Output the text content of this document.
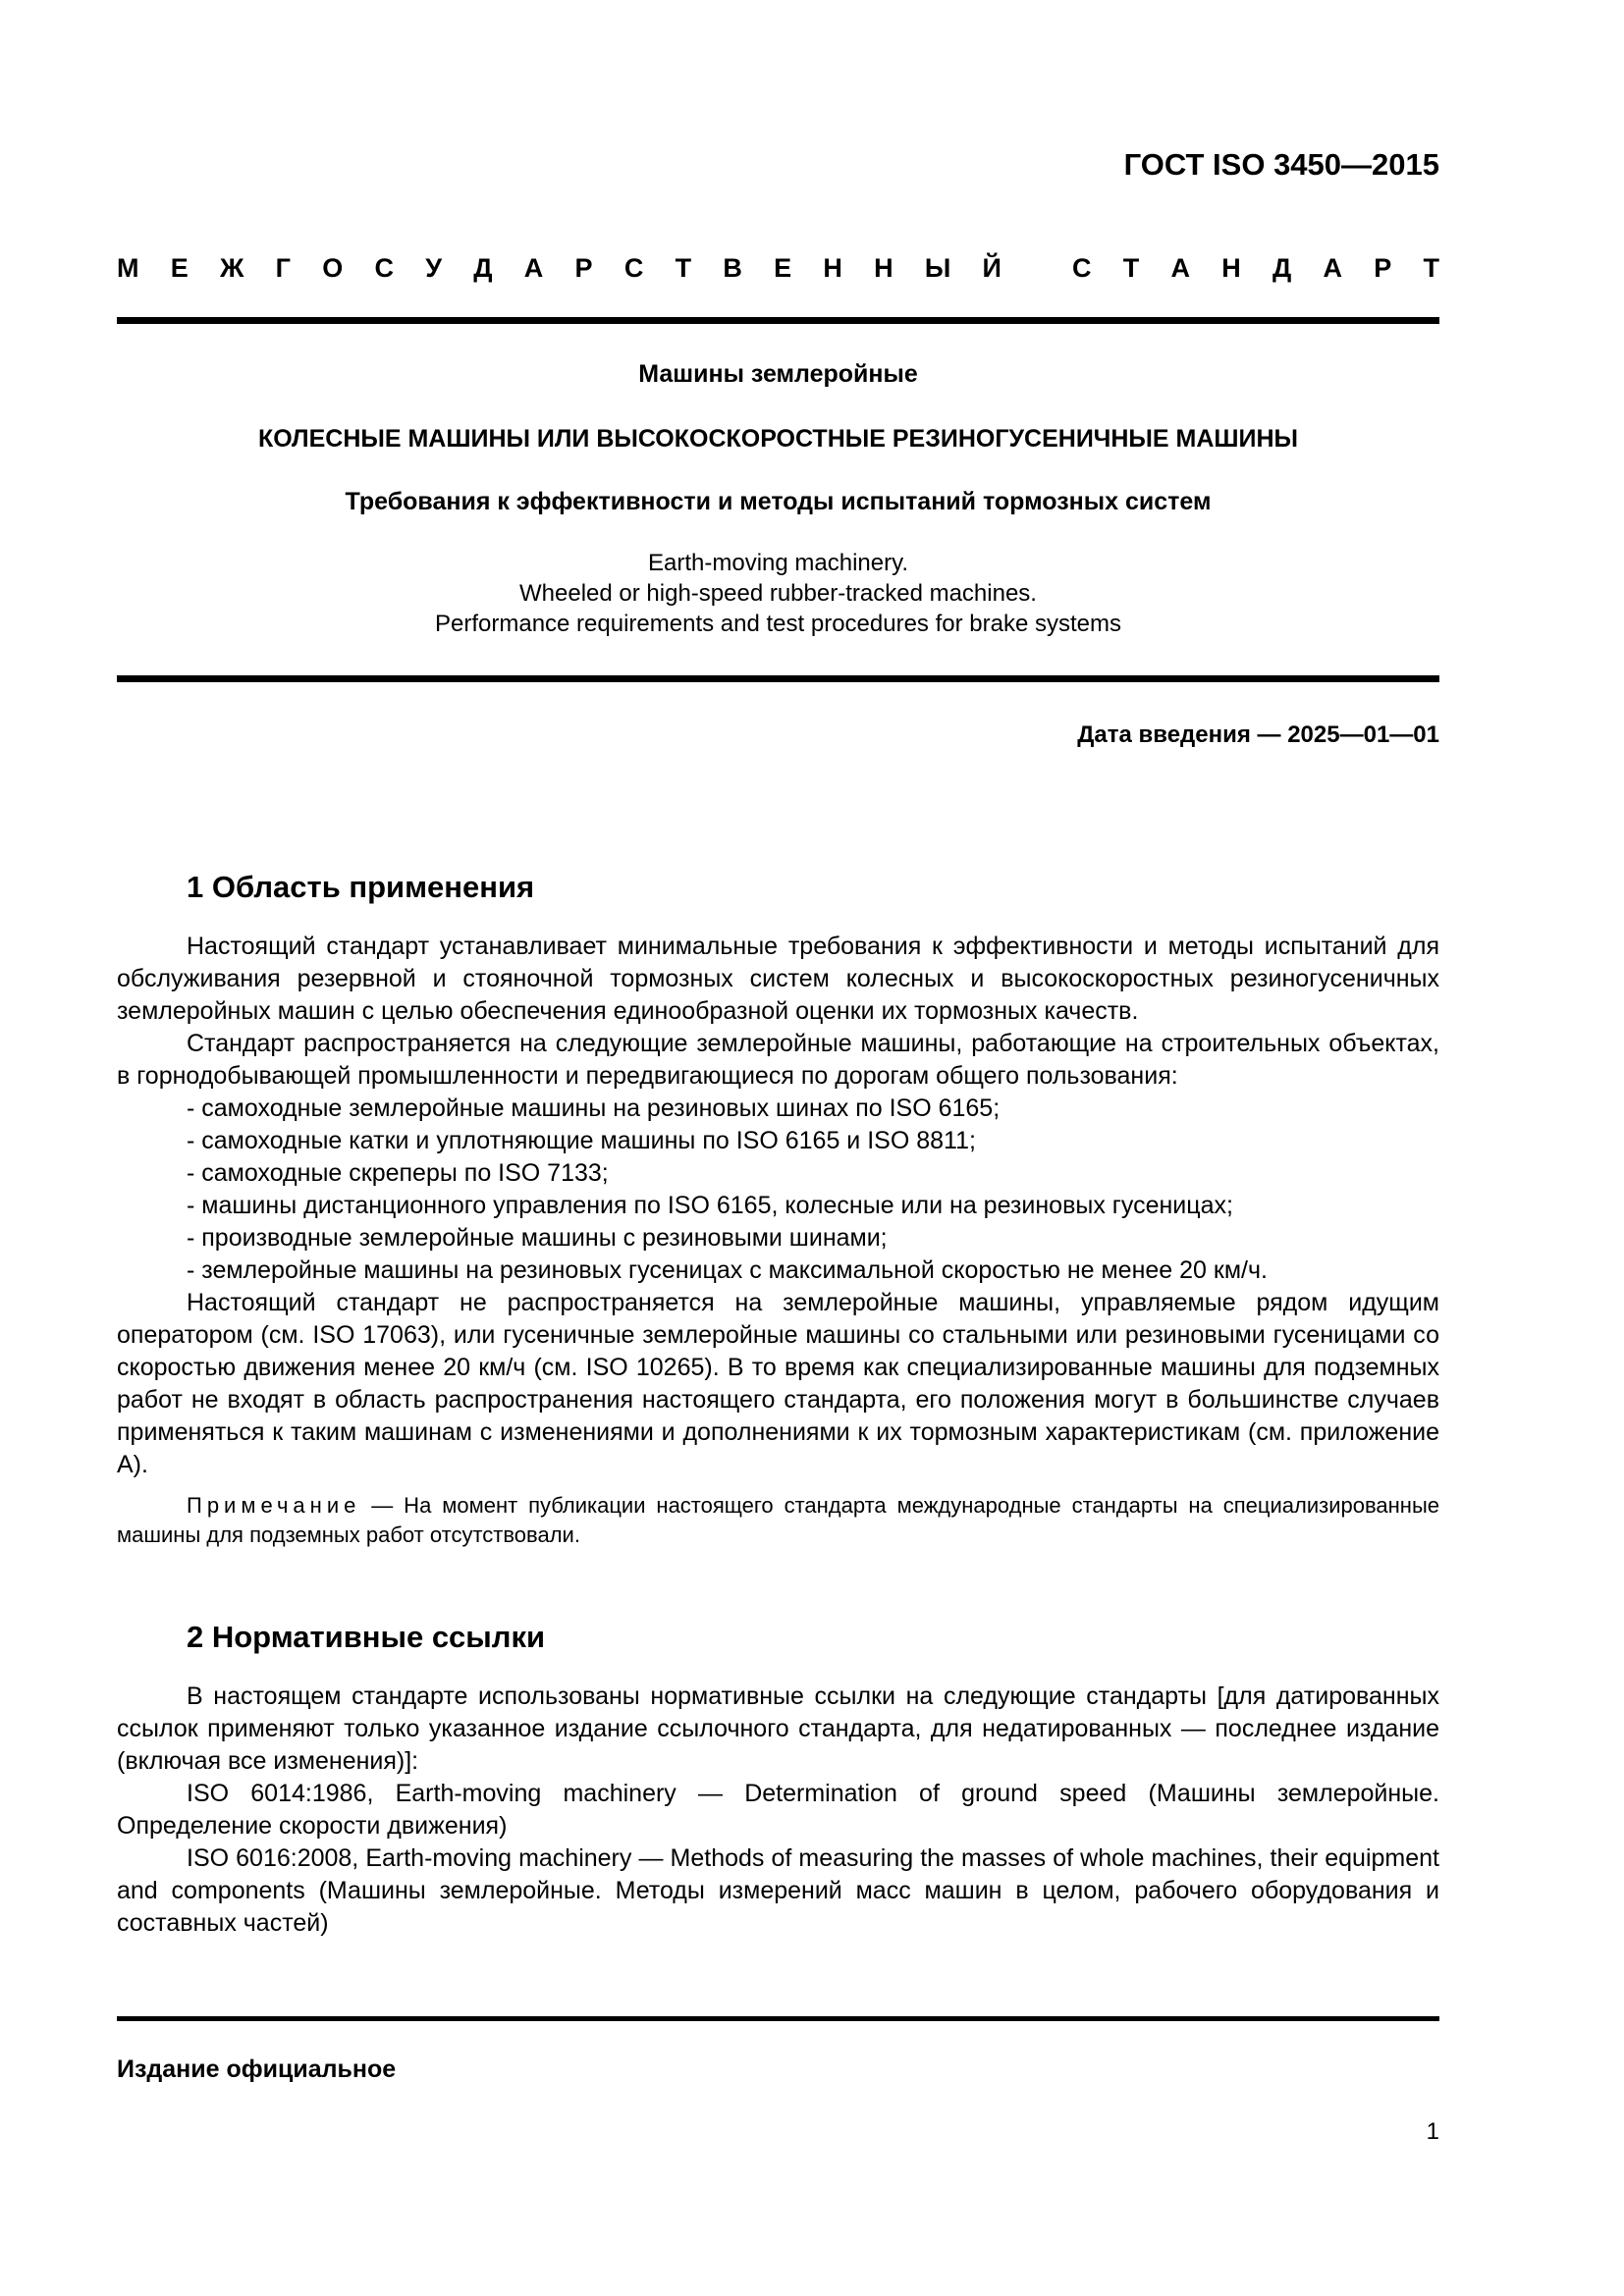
ГОСТ ISO 3450—2015
М Е Ж Г О С У Д А Р С Т В Е Н Н Ы Й
	С Т А Н Д А Р Т
Машины землеройные
КОЛЕСНЫЕ МАШИНЫ ИЛИ ВЫСОКОСКОРОСТНЫЕ РЕЗИНОГУСЕНИЧНЫЕ МАШИНЫ
Требования к эффективности и методы испытаний тормозных систем
Earth-moving machinery.
Wheeled or high-speed rubber-tracked machines.
Performance requirements and test procedures for brake systems
Дата введения — 2025—01—01
1 Область применения

Настоящий стандарт устанавливает минимальные требования к эффективности и методы испытаний для обслуживания резервной и стояночной тормозных систем колесных и высокоскоростных резиногусеничных землеройных машин с целью обеспечения единообразной оценки их тормозных качеств.

Стандарт распространяется на следующие землеройные машины, работающие на строительных объектах, в горнодобывающей промышленности и передвигающиеся по дорогам общего пользования:

- самоходные землеройные машины на резиновых шинах по ISO 6165;

- самоходные катки и уплотняющие машины по ISO 6165 и ISO 8811;

- самоходные скреперы по ISO 7133;

- машины дистанционного управления по ISO 6165, колесные или на резиновых гусеницах;

- производные землеройные машины с резиновыми шинами;

- землеройные машины на резиновых гусеницах с максимальной скоростью не менее 20 км/ч.

Настоящий стандарт не распространяется на землеройные машины, управляемые рядом идущим оператором (см. ISO 17063), или гусеничные землеройные машины со стальными или резиновыми гусеницами со скоростью движения менее 20 км/ч (см. ISO 10265). В то время как специализированные машины для подземных работ не входят в область распространения настоящего стандарта, его положения могут в большинстве случаев применяться к таким машинам с изменениями и дополнениями к их тормозным характеристикам (см. приложение А).

Примечание — На момент публикации настоящего стандарта международные стандарты на специализированные машины для подземных работ отсутствовали.

2 Нормативные ссылки

В настоящем стандарте использованы нормативные ссылки на следующие стандарты [для датированных ссылок применяют только указанное издание ссылочного стандарта, для недатированных — последнее издание (включая все изменения)]:

ISO 6014:1986, Earth-moving machinery — Determination of ground speed (Машины землеройные. Определение скорости движения)

ISO 6016:2008, Earth-moving machinery — Methods of measuring the masses of whole machines, their equipment and components (Машины землеройные. Методы измерений масс машин в целом, рабочего оборудования и составных частей)

Издание официальное
1
